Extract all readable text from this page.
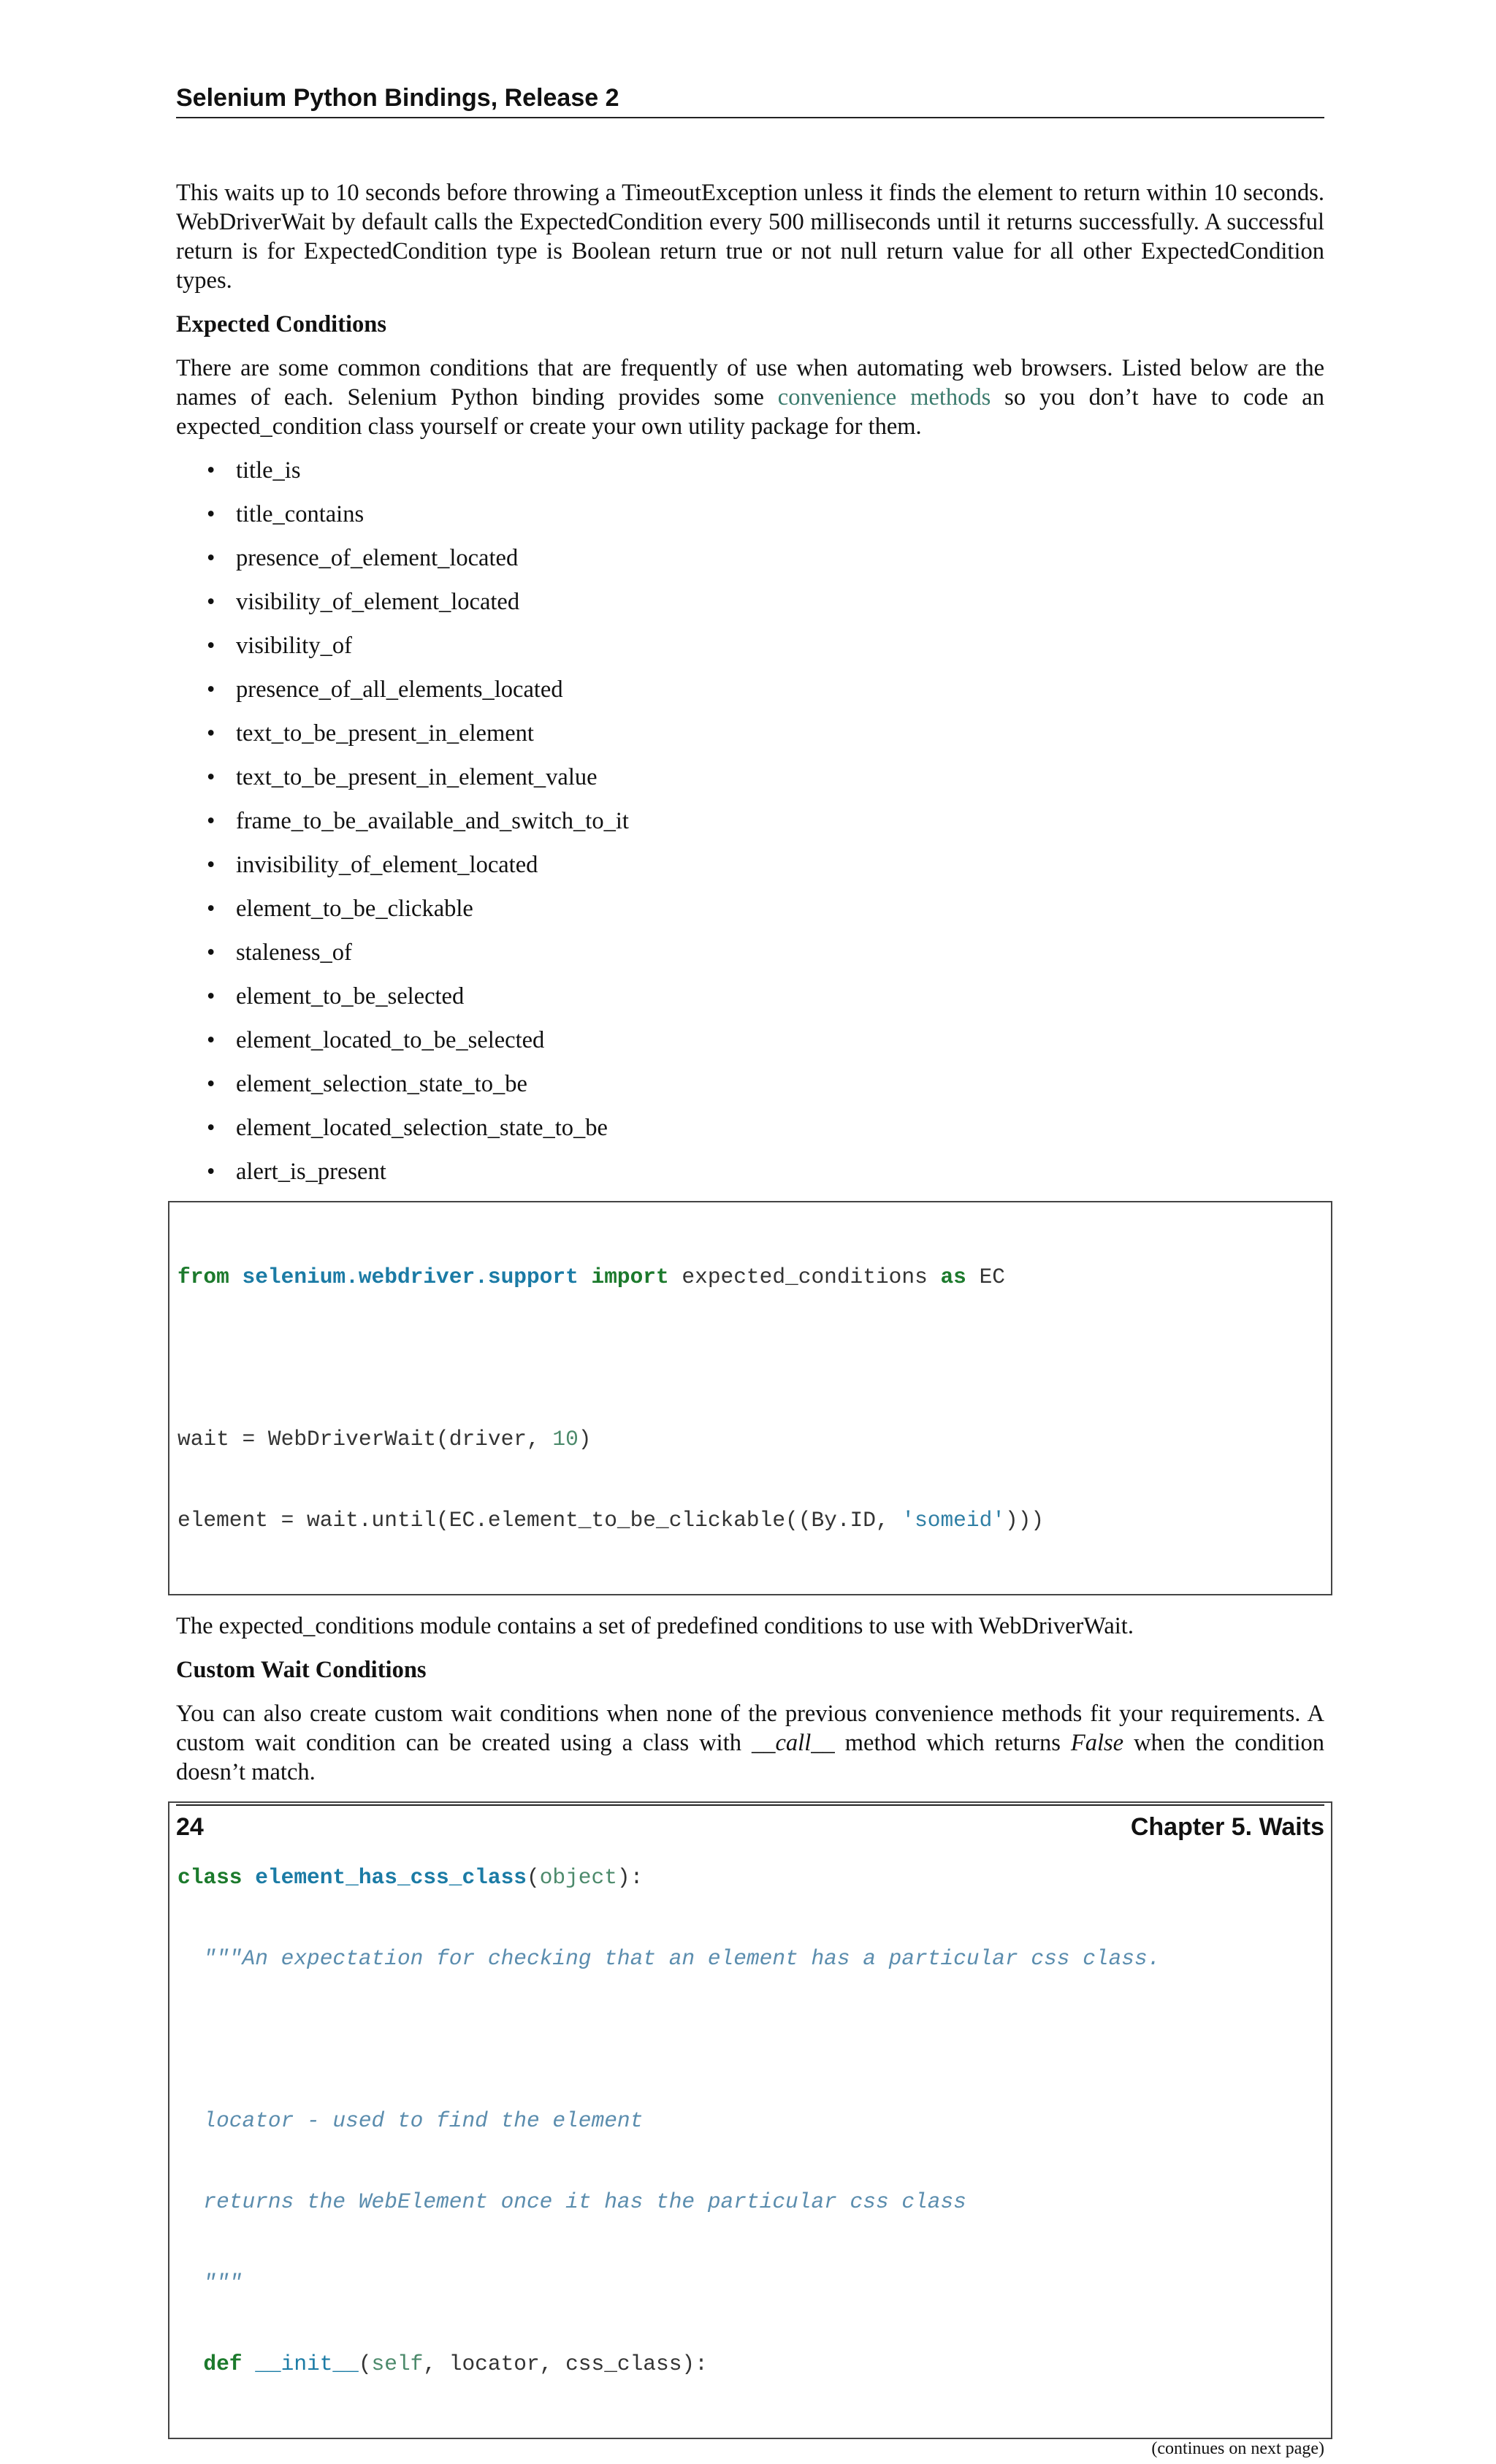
Selenium Python Bindings, Release 2

This waits up to 10 seconds before throwing a TimeoutException unless it finds the element to return within 10 seconds. WebDriverWait by default calls the ExpectedCondition every 500 milliseconds until it returns successfully. A successful return is for ExpectedCondition type is Boolean return true or not null return value for all other ExpectedCondition types.

Expected Conditions

There are some common conditions that are frequently of use when automating web browsers. Listed below are the names of each. Selenium Python binding provides some convenience methods so you don’t have to code an expected_condition class yourself or create your own utility package for them.

• title_is
• title_contains
• presence_of_element_located
• visibility_of_element_located
• visibility_of
• presence_of_all_elements_located
• text_to_be_present_in_element
• text_to_be_present_in_element_value
• frame_to_be_available_and_switch_to_it
• invisibility_of_element_located
• element_to_be_clickable
• staleness_of
• element_to_be_selected
• element_located_to_be_selected
• element_selection_state_to_be
• element_located_selection_state_to_be
• alert_is_present

from selenium.webdriver.support import expected_conditions as EC

wait = WebDriverWait(driver, 10)

element = wait.until(EC.element_to_be_clickable((By.ID, 'someid')))

The expected_conditions module contains a set of predefined conditions to use with WebDriverWait.

Custom Wait Conditions

You can also create custom wait conditions when none of the previous convenience methods fit your requirements. A custom wait condition can be created using a class with __call__ method which returns False when the condition doesn’t match.

class element_has_css_class(object):

"""An expectation for checking that an element has a particular css class.

locator - used to find the element

returns the WebElement once it has the particular css class

"""

def __init__(self, locator, css_class):

(continues on next page)
24	Chapter 5. Waits
